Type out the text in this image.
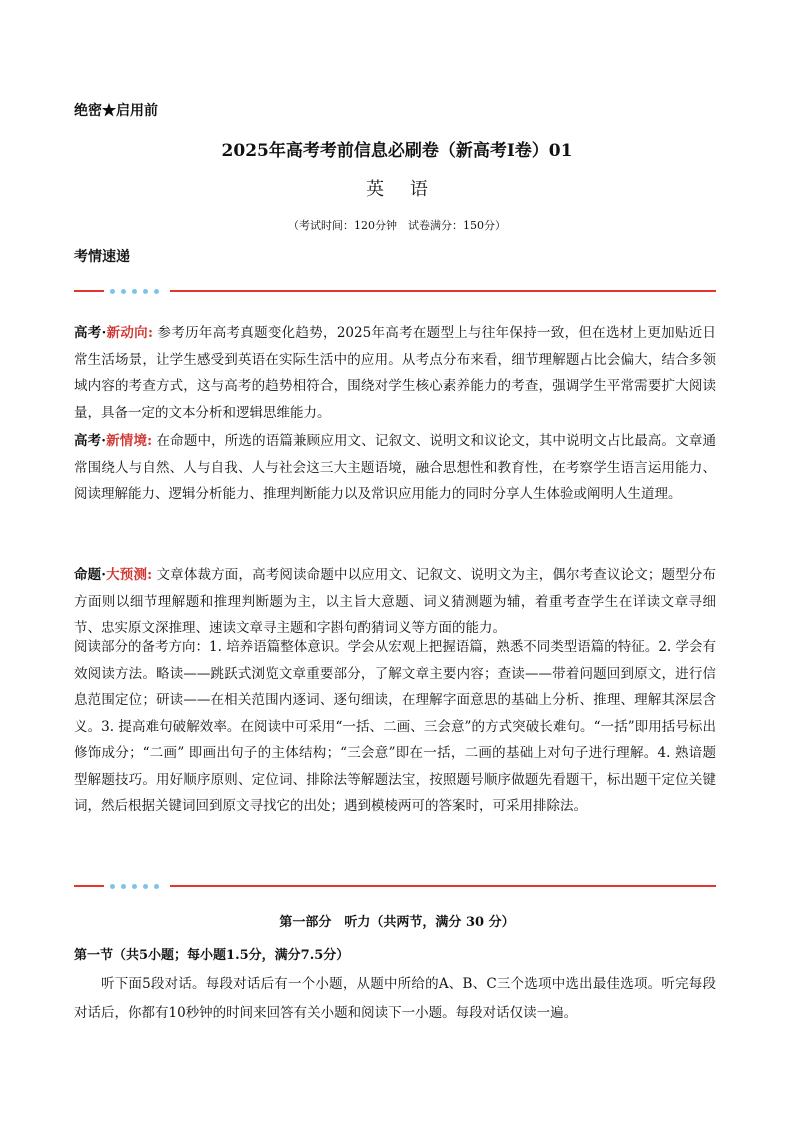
绝密★启用前
2025年高考考前信息必刷卷（新高考I卷）01
英 语
（考试时间：120分钟　试卷满分：150分）
考情速递
高考·新动向: 参考历年高考真题变化趋势，2025年高考在题型上与往年保持一致，但在选材上更加贴近日常生活场景，让学生感受到英语在实际生活中的应用。从考点分布来看，细节理解题占比会偏大，结合多领域内容的考查方式，这与高考的趋势相符合，围绕对学生核心素养能力的考查，强调学生平常需要扩大阅读量，具备一定的文本分析和逻辑思维能力。
高考·新情境: 在命题中，所选的语篇兼顾应用文、记叙文、说明文和议论文，其中说明文占比最高。文章通常围绕人与自然、人与自我、人与社会这三大主题语境，融合思想性和教育性，在考察学生语言运用能力、阅读理解能力、逻辑分析能力、推理判断能力以及常识应用能力的同时分享人生体验或阐明人生道理。
命题·大预测: 文章体裁方面，高考阅读命题中以应用文、记叙文、说明文为主，偶尔考查议论文；题型分布方面则以细节理解题和推理判断题为主，以主旨大意题、词义猜测题为辅，着重考查学生在详读文章寻细节、忠实原文深推理、速读文章寻主题和字斟句酌猜词义等方面的能力。
阅读部分的备考方向：1. 培养语篇整体意识。学会从宏观上把握语篇，熟悉不同类型语篇的特征。2. 学会有效阅读方法。略读——跳跃式浏览文章重要部分，了解文章主要内容；查读——带着问题回到原文，进行信息范围定位；研读——在相关范围内逐词、逐句细读，在理解字面意思的基础上分析、推理、理解其深层含义。3. 提高难句破解效率。在阅读中可采用“一括、二画、三会意”的方式突破长难句。“一括”即用括号标出修饰成分；“二画” 即画出句子的主体结构；“三会意”即在一括，二画的基础上对句子进行理解。4. 熟谙题型解题技巧。用好顺序原则、定位词、排除法等解题法宝，按照题号顺序做题先看题干，标出题干定位关键词，然后根据关键词回到原文寻找它的出处；遇到模棱两可的答案时，可采用排除法。
第一部分　听力（共两节，满分 30 分）
第一节（共5小题；每小题1.5分，满分7.5分）
听下面5段对话。每段对话后有一个小题，从题中所给的A、B、C三个选项中选出最佳选项。听完每段对话后，你都有10秒钟的时间来回答有关小题和阅读下一小题。每段对话仅读一遍。
